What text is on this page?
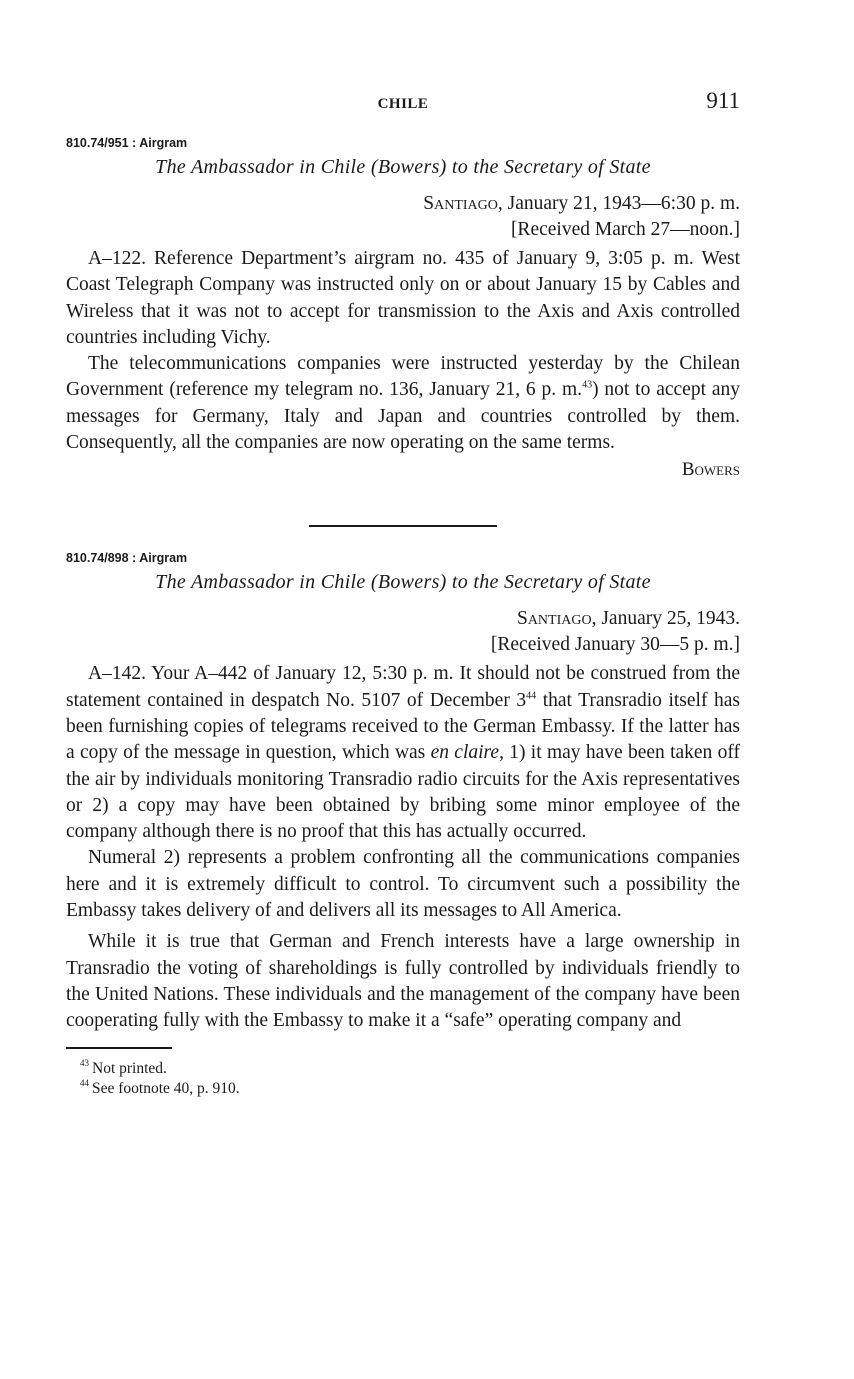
CHILE	911
810.74/951 : Airgram
The Ambassador in Chile (Bowers) to the Secretary of State
Santiago, January 21, 1943—6:30 p. m.
[Received March 27—noon.]

A–122. Reference Department’s airgram no. 435 of January 9, 3:05 p. m. West Coast Telegraph Company was instructed only on or about January 15 by Cables and Wireless that it was not to accept for transmission to the Axis and Axis controlled countries including Vichy.

The telecommunications companies were instructed yesterday by the Chilean Government (reference my telegram no. 136, January 21, 6 p. m.$^{43}$) not to accept any messages for Germany, Italy and Japan and countries controlled by them. Consequently, all the companies are now operating on the same terms.

Bowers
810.74/898 : Airgram
The Ambassador in Chile (Bowers) to the Secretary of State
Santiago, January 25, 1943.
[Received January 30—5 p. m.]

A–142. Your A–442 of January 12, 5:30 p. m. It should not be construed from the statement contained in despatch No. 5107 of December $3^{44}$ that Transradio itself has been furnishing copies of telegrams received to the German Embassy. If the latter has a copy of the message in question, which was en claire, 1) it may have been taken off the air by individuals monitoring Transradio radio circuits for the Axis representatives or 2) a copy may have been obtained by bribing some minor employee of the company although there is no proof that this has actually occurred.

Numeral 2) represents a problem confronting all the communications companies here and it is extremely difficult to control. To circumvent such a possibility the Embassy takes delivery of and delivers all its messages to All America.

While it is true that German and French interests have a large ownership in Transradio the voting of shareholdings is fully controlled by individuals friendly to the United Nations. These individuals and the management of the company have been cooperating fully with the Embassy to make it a “safe” operating company and

$^{43}$ Not printed.
$^{44}$ See footnote 40, p. 910.
